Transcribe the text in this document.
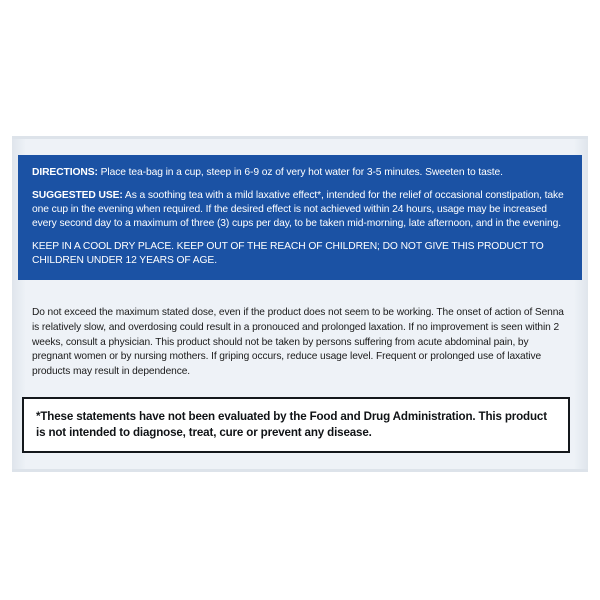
DIRECTIONS: Place tea-bag in a cup, steep in 6-9 oz of very hot water for 3-5 minutes. Sweeten to taste.

SUGGESTED USE: As a soothing tea with a mild laxative effect*, intended for the relief of occasional constipation, take one cup in the evening when required. If the desired effect is not achieved within 24 hours, usage may be increased every second day to a maximum of three (3) cups per day, to be taken mid-morning, late afternoon, and in the evening.

KEEP IN A COOL DRY PLACE. KEEP OUT OF THE REACH OF CHILDREN; DO NOT GIVE THIS PRODUCT TO CHILDREN UNDER 12 YEARS OF AGE.

Do not exceed the maximum stated dose, even if the product does not seem to be working. The onset of action of Senna is relatively slow, and overdosing could result in a pronouced and prolonged laxation. If no improvement is seen within 2 weeks, consult a physician. This product should not be taken by persons suffering from acute abdominal pain, by pregnant women or by nursing mothers. If griping occurs, reduce usage level. Frequent or prolonged use of laxative products may result in dependence.

*These statements have not been evaluated by the Food and Drug Administration. This product is not intended to diagnose, treat, cure or prevent any disease.
